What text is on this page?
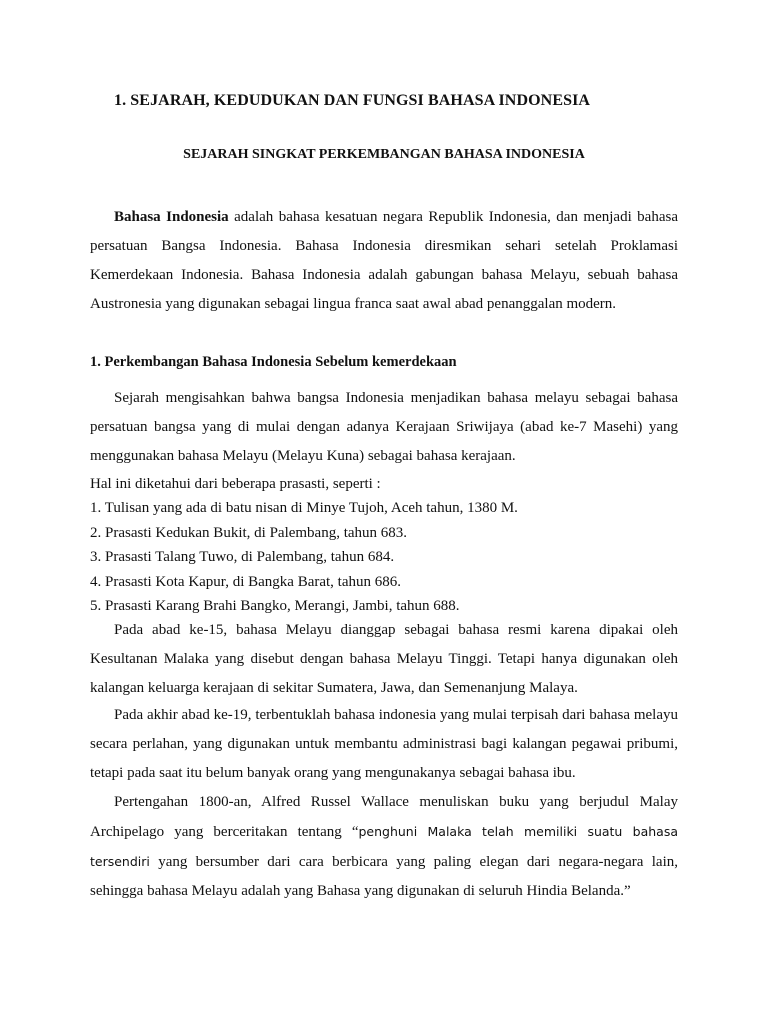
1. SEJARAH, KEDUDUKAN DAN FUNGSI BAHASA INDONESIA
SEJARAH SINGKAT PERKEMBANGAN BAHASA INDONESIA

Bahasa Indonesia adalah bahasa kesatuan negara Republik Indonesia, dan menjadi bahasa persatuan Bangsa Indonesia. Bahasa Indonesia diresmikan sehari setelah Proklamasi Kemerdekaan Indonesia. Bahasa Indonesia adalah gabungan bahasa Melayu, sebuah bahasa Austronesia yang digunakan sebagai lingua franca saat awal abad penanggalan modern.

1. Perkembangan Bahasa Indonesia Sebelum kemerdekaan

Sejarah mengisahkan bahwa bangsa Indonesia menjadikan bahasa melayu sebagai bahasa persatuan bangsa yang di mulai dengan adanya Kerajaan Sriwijaya (abad ke-7 Masehi) yang menggunakan bahasa Melayu (Melayu Kuna) sebagai bahasa kerajaan.

Hal ini diketahui dari beberapa prasasti, seperti :

1. Tulisan yang ada di batu nisan di Minye Tujoh, Aceh tahun, 1380 M.
2. Prasasti Kedukan Bukit, di Palembang, tahun 683.
3. Prasasti Talang Tuwo, di Palembang, tahun 684.
4. Prasasti Kota Kapur, di Bangka Barat, tahun 686.
5. Prasasti Karang Brahi Bangko, Merangi, Jambi, tahun 688.

Pada abad ke-15, bahasa Melayu dianggap sebagai bahasa resmi karena dipakai oleh Kesultanan Malaka yang disebut dengan bahasa Melayu Tinggi. Tetapi hanya digunakan oleh kalangan keluarga kerajaan di sekitar Sumatera, Jawa, dan Semenanjung Malaya.

Pada akhir abad ke-19, terbentuklah bahasa indonesia yang mulai terpisah dari bahasa melayu secara perlahan, yang digunakan untuk membantu administrasi bagi kalangan pegawai pribumi, tetapi pada saat itu belum banyak orang yang mengunakanya sebagai bahasa ibu.

Pertengahan 1800-an, Alfred Russel Wallace menuliskan buku yang berjudul Malay Archipelago yang berceritakan tentang “penghuni Malaka telah memiliki suatu bahasa tersendiri yang bersumber dari cara berbicara yang paling elegan dari negara-negara lain, sehingga bahasa Melayu adalah yang Bahasa yang digunakan di seluruh Hindia Belanda.”
